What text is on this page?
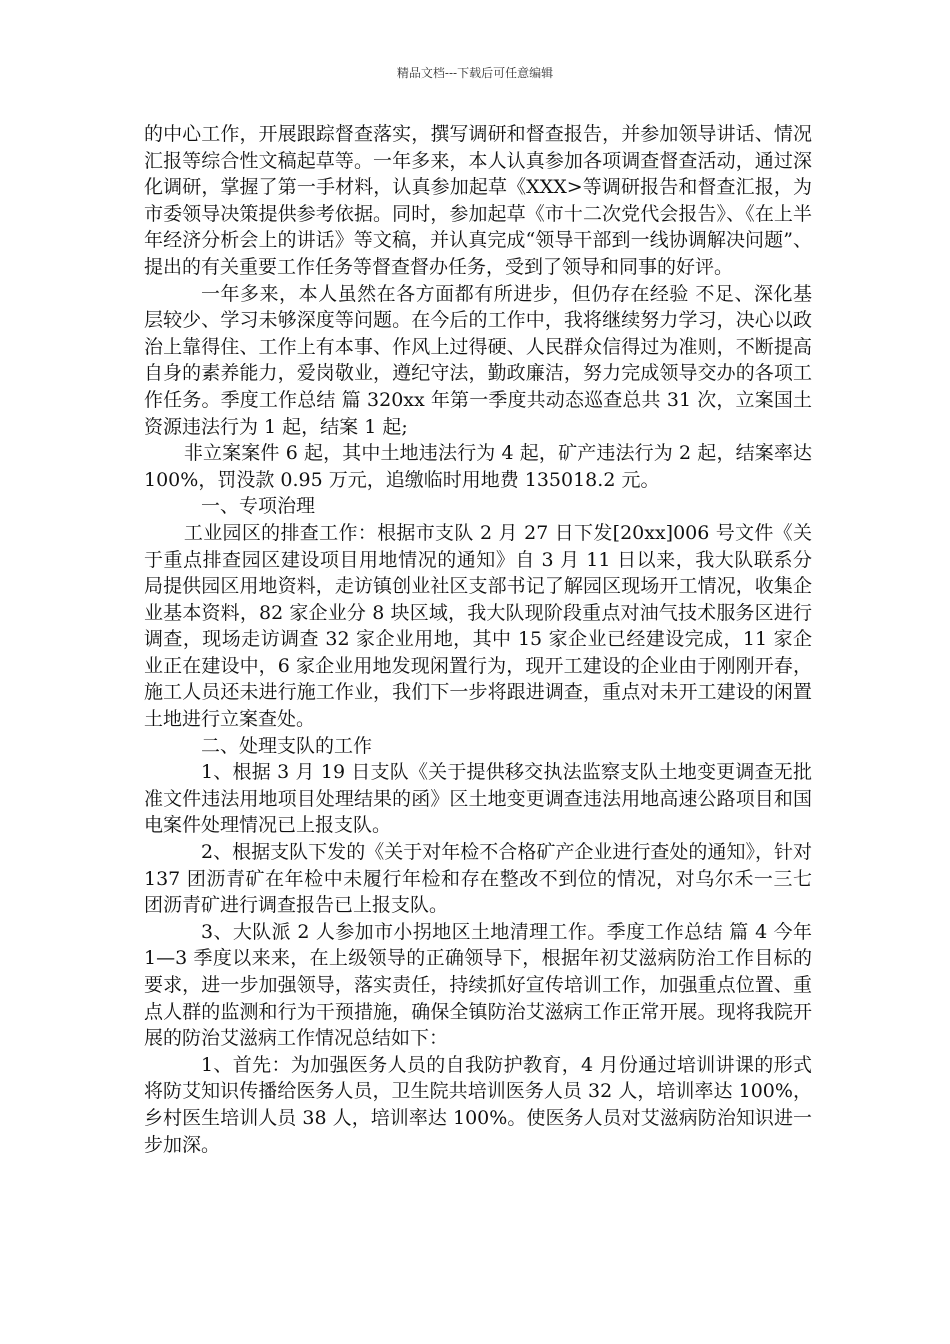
精品文档---下载后可任意编辑

的中心工作，开展跟踪督查落实，撰写调研和督查报告，并参加领导讲话、情况汇报等综合性文稿起草等。一年多来，本人认真参加各项调查督查活动，通过深化调研，掌握了第一手材料，认真参加起草《XXX>等调研报告和督查汇报，为市委领导决策提供参考依据。同时，参加起草《市十二次党代会报告》、《在上半年经济分析会上的讲话》等文稿，并认真完成“领导干部到一线协调解决问题”、提出的有关重要工作任务等督查督办任务，受到了领导和同事的好评。

一年多来，本人虽然在各方面都有所进步，但仍存在经验 不足、深化基层较少、学习未够深度等问题。在今后的工作中，我将继续努力学习，决心以政治上靠得住、工作上有本事、作风上过得硬、人民群众信得过为准则，不断提高自身的素养能力，爱岗敬业，遵纪守法，勤政廉洁，努力完成领导交办的各项工作任务。季度工作总结 篇 320xx 年第一季度共动态巡查总共 31 次，立案国土资源违法行为 1 起，结案 1 起;

非立案案件 6 起，其中土地违法行为 4 起，矿产违法行为 2 起，结案率达 100%，罚没款 0.95 万元，追缴临时用地费 135018.2 元。

一、专项治理

工业园区的排查工作：根据市支队 2 月 27 日下发[20xx]006 号文件《关于重点排查园区建设项目用地情况的通知》自 3 月 11 日以来，我大队联系分局提供园区用地资料，走访镇创业社区支部书记了解园区现场开工情况，收集企业基本资料，82 家企业分 8 块区域，我大队现阶段重点对油气技术服务区进行调查，现场走访调查 32 家企业用地，其中 15 家企业已经建设完成，11 家企业正在建设中，6 家企业用地发现闲置行为，现开工建设的企业由于刚刚开春，施工人员还未进行施工作业，我们下一步将跟进调查，重点对未开工建设的闲置土地进行立案查处。

二、处理支队的工作

1、根据 3 月 19 日支队《关于提供移交执法监察支队土地变更调查无批准文件违法用地项目处理结果的函》区土地变更调查违法用地高速公路项目和国电案件处理情况已上报支队。

2、根据支队下发的《关于对年检不合格矿产企业进行查处的通知》，针对 137 团沥青矿在年检中未履行年检和存在整改不到位的情况，对乌尔禾一三七团沥青矿进行调查报告已上报支队。

3、大队派 2 人参加市小拐地区土地清理工作。季度工作总结 篇 4 今年 1—3 季度以来来，在上级领导的正确领导下，根据年初艾滋病防治工作目标的要求，进一步加强领导，落实责任，持续抓好宣传培训工作，加强重点位置、重点人群的监测和行为干预措施，确保全镇防治艾滋病工作正常开展。现将我院开展的防治艾滋病工作情况总结如下：

1、首先：为加强医务人员的自我防护教育，4 月份通过培训讲课的形式将防艾知识传播给医务人员，卫生院共培训医务人员 32 人，培训率达 100%，乡村医生培训人员 38 人，培训率达 100%。使医务人员对艾滋病防治知识进一步加深。
